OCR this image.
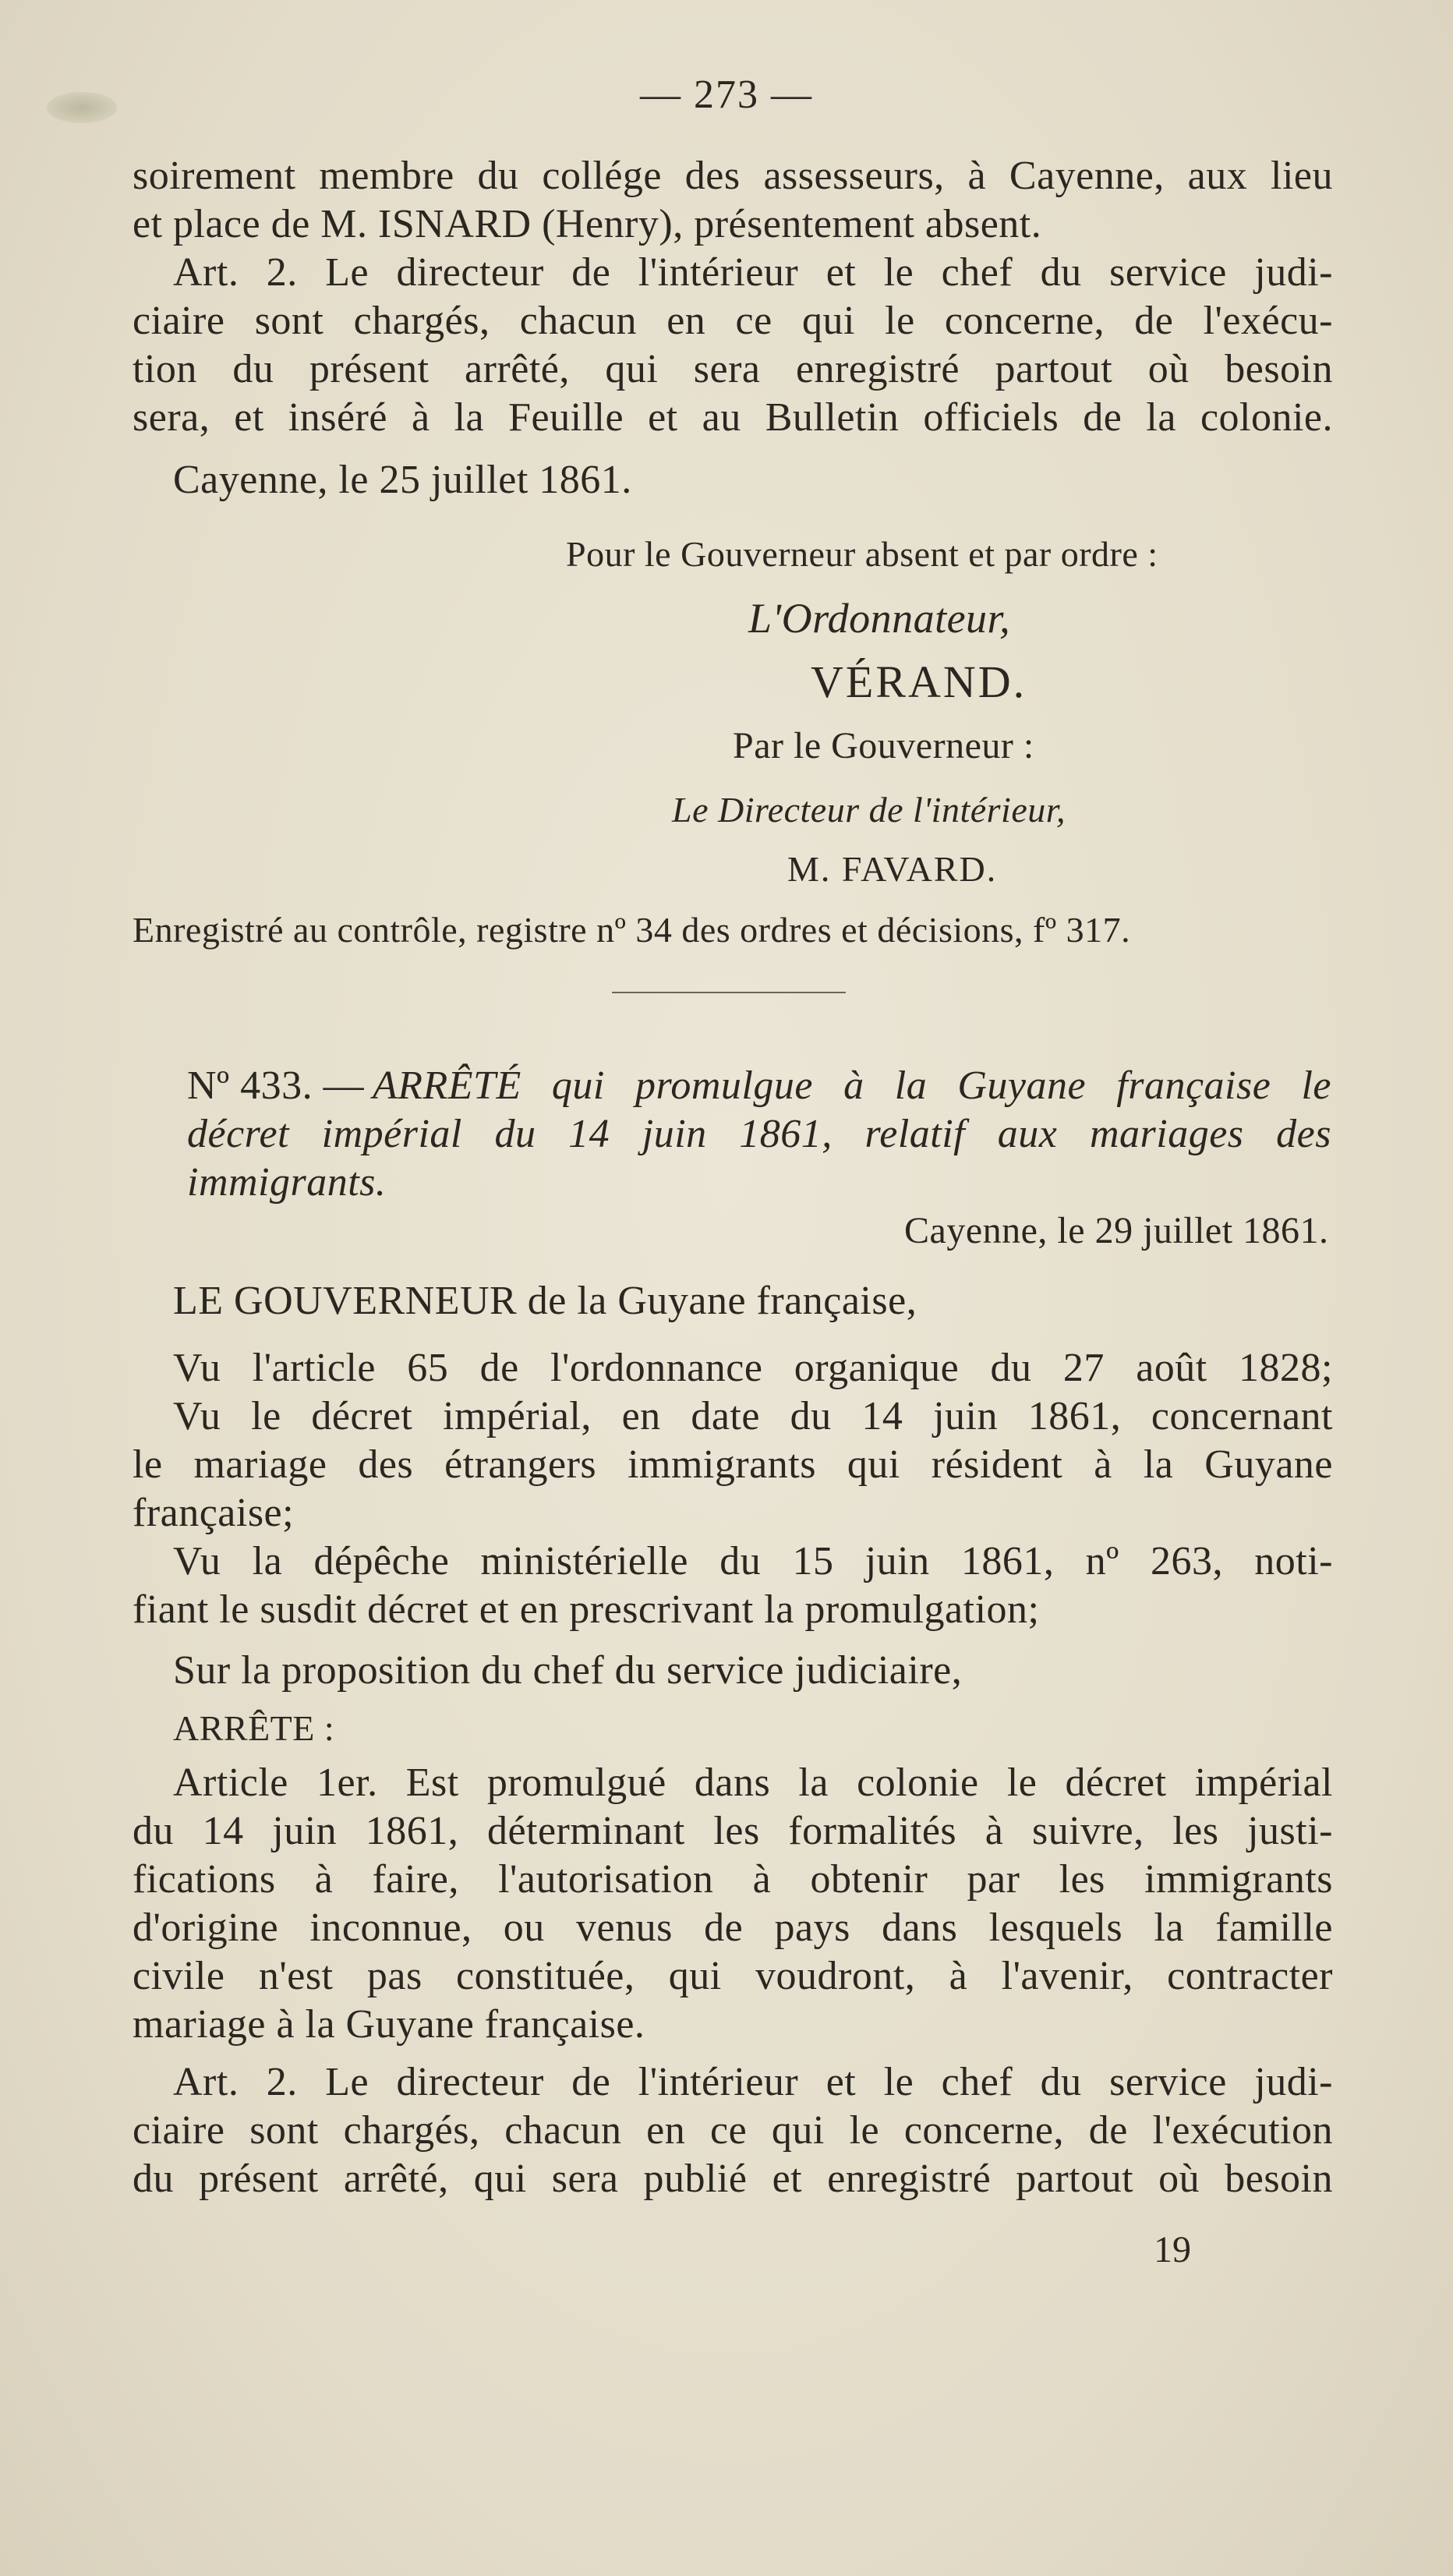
— 273 —
soirement membre du collége des assesseurs, à Cayenne, aux lieu
et place de M. ISNARD (Henry), présentement absent.
Art. 2. Le directeur de l'intérieur et le chef du service judi-
ciaire sont chargés, chacun en ce qui le concerne, de l'exécu-
tion du présent arrêté, qui sera enregistré partout où besoin
sera, et inséré à la Feuille et au Bulletin officiels de la colonie.
Cayenne, le 25 juillet 1861.
Pour le Gouverneur absent et par ordre :
L'Ordonnateur,
VÉRAND.
Par le Gouverneur :
Le Directeur de l'intérieur,
M. FAVARD.
Enregistré au contrôle, registre nº 34 des ordres et décisions, fº 317.
Nº 433. — ARRÊTÉ qui promulgue à la Guyane française le
décret impérial du 14 juin 1861, relatif aux mariages des
immigrants.
Cayenne, le 29 juillet 1861.
LE GOUVERNEUR de la Guyane française,
Vu l'article 65 de l'ordonnance organique du 27 août 1828;
Vu le décret impérial, en date du 14 juin 1861, concernant
le mariage des étrangers immigrants qui résident à la Guyane
française;
Vu la dépêche ministérielle du 15 juin 1861, nº 263, noti-
fiant le susdit décret et en prescrivant la promulgation;
Sur la proposition du chef du service judiciaire,
ARRÊTE :
Article 1er. Est promulgué dans la colonie le décret impérial
du 14 juin 1861, déterminant les formalités à suivre, les justi-
fications à faire, l'autorisation à obtenir par les immigrants
d'origine inconnue, ou venus de pays dans lesquels la famille
civile n'est pas constituée, qui voudront, à l'avenir, contracter
mariage à la Guyane française.
Art. 2. Le directeur de l'intérieur et le chef du service judi-
ciaire sont chargés, chacun en ce qui le concerne, de l'exécution
du présent arrêté, qui sera publié et enregistré partout où besoin
19
